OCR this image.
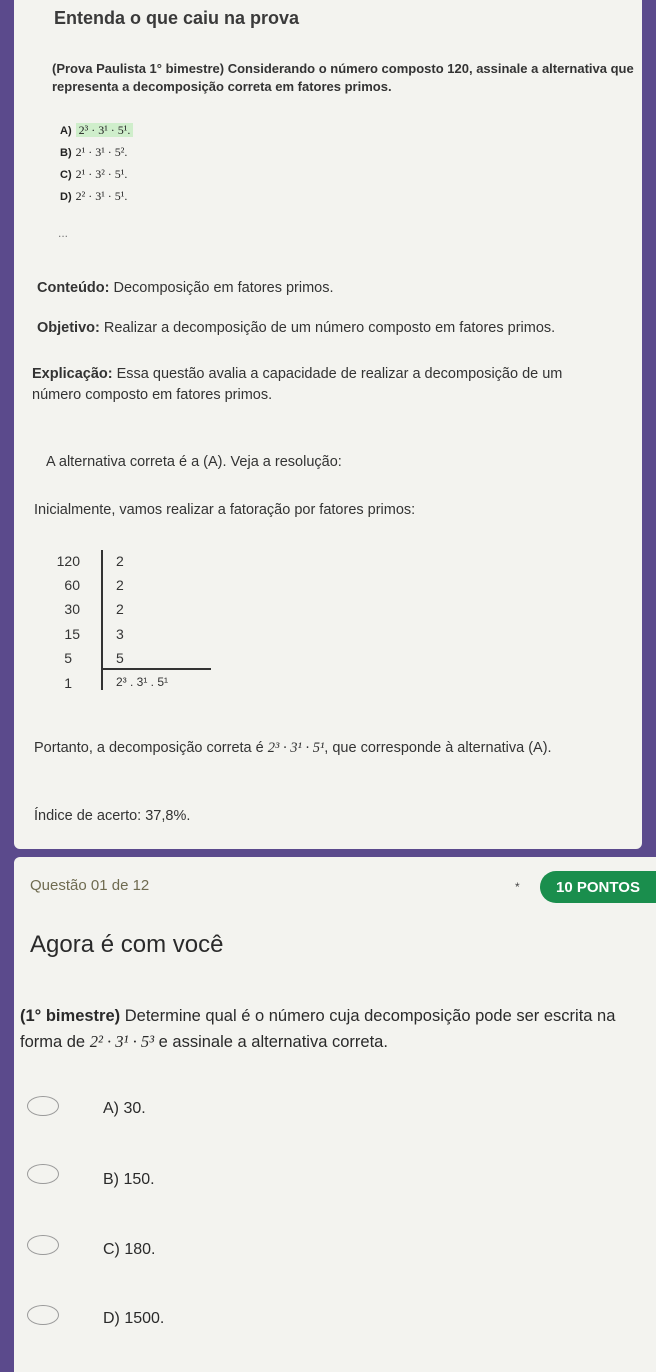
Entenda o que caiu na prova

(Prova Paulista 1° bimestre) Considerando o número composto 120, assinale a alternativa que representa a decomposição correta em fatores primos.

A) 2³ · 3¹ · 5¹.
B) 2¹ · 3¹ · 5².
C) 2¹ · 3² · 5¹.
D) 2² · 3¹ · 5¹.
...

Conteúdo: Decomposição em fatores primos.

Objetivo: Realizar a decomposição de um número composto em fatores primos.

Explicação: Essa questão avalia a capacidade de realizar a decomposição de um número composto em fatores primos.

A alternativa correta é a (A). Veja a resolução:

Inicialmente, vamos realizar a fatoração por fatores primos:

120
60
30
15
5
1
2
2
2
3
5
2³ . 3¹ . 5¹

Portanto, a decomposição correta é 2³ · 3¹ · 5¹, que corresponde à alternativa (A).

Índice de acerto: 37,8%.

Questão 01 de 12	*	10 PONTOS
Agora é com você

(1° bimestre) Determine qual é o número cuja decomposição pode ser escrita na forma de 2² · 3¹ · 5³ e assinale a alternativa correta.

A) 30.
B) 150.
C) 180.
D) 1500.
